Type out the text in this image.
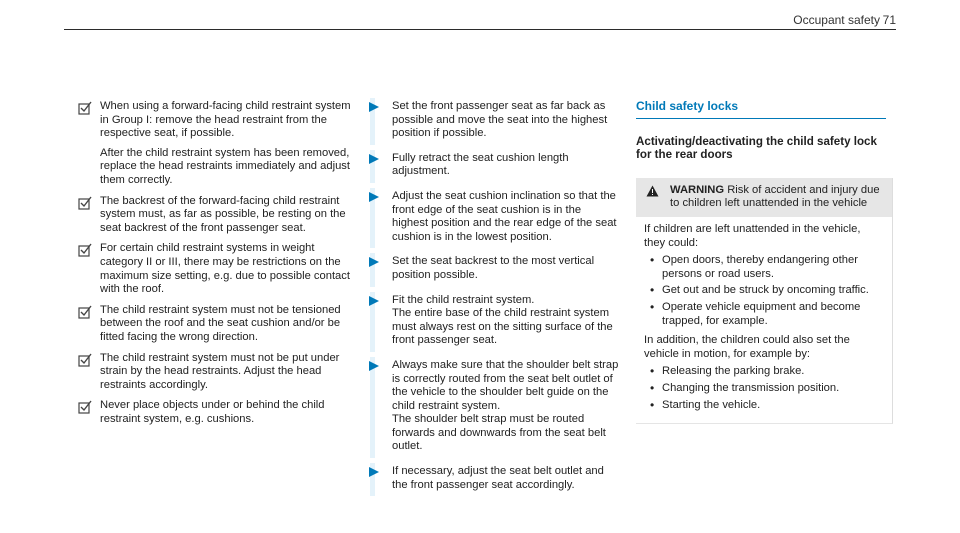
Occupant safety 71
When using a forward-facing child restraint system in Group I: remove the head restraint from the respective seat, if possible.
After the child restraint system has been removed, replace the head restraints immediately and adjust them correctly.
The backrest of the forward-facing child restraint system must, as far as possible, be resting on the seat backrest of the front passenger seat.
For certain child restraint systems in weight category II or III, there may be restrictions on the maximum size setting, e.g. due to possible contact with the roof.
The child restraint system must not be tensioned between the roof and the seat cushion and/or be fitted facing the wrong direction.
The child restraint system must not be put under strain by the head restraints. Adjust the head restraints accordingly.
Never place objects under or behind the child restraint system, e.g. cushions.
Set the front passenger seat as far back as possible and move the seat into the highest position if possible.
Fully retract the seat cushion length adjustment.
Adjust the seat cushion inclination so that the front edge of the seat cushion is in the highest position and the rear edge of the seat cushion is in the lowest position.
Set the seat backrest to the most vertical position possible.
Fit the child restraint system.
The entire base of the child restraint system must always rest on the sitting surface of the front passenger seat.
Always make sure that the shoulder belt strap is correctly routed from the seat belt outlet of the vehicle to the shoulder belt guide on the child restraint system.
The shoulder belt strap must be routed forwards and downwards from the seat belt outlet.
If necessary, adjust the seat belt outlet and the front passenger seat accordingly.
Child safety locks
Activating/deactivating the child safety lock
for the rear doors
WARNING Risk of accident and injury due to children left unattended in the vehicle

If children are left unattended in the vehicle, they could:

• Open doors, thereby endangering other persons or road users.
• Get out and be struck by oncoming traffic.
• Operate vehicle equipment and become trapped, for example.

In addition, the children could also set the vehicle in motion, for example by:

• Releasing the parking brake.
• Changing the transmission position.
• Starting the vehicle.
